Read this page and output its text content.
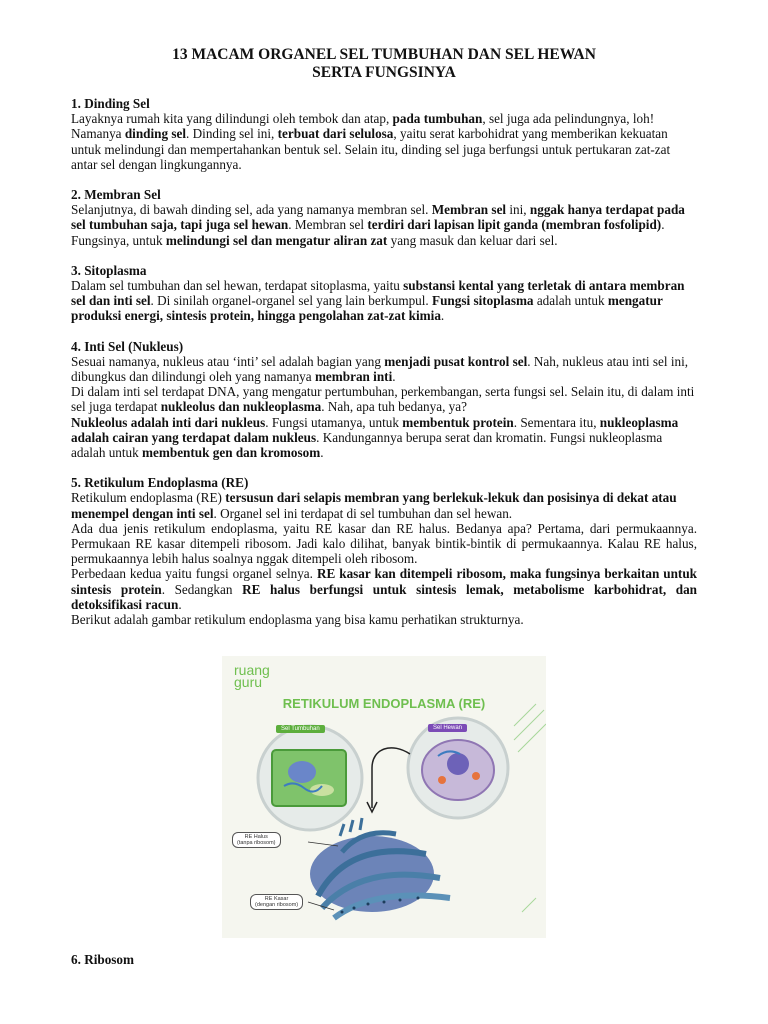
13 MACAM ORGANEL SEL TUMBUHAN DAN SEL HEWAN
SERTA FUNGSINYA
1. Dinding Sel

Layaknya rumah kita yang dilindungi oleh tembok dan atap, pada tumbuhan, sel juga ada pelindungnya, loh! Namanya dinding sel. Dinding sel ini, terbuat dari selulosa, yaitu serat karbohidrat yang memberikan kekuatan untuk melindungi dan mempertahankan bentuk sel. Selain itu, dinding sel juga berfungsi untuk pertukaran zat-zat antar sel dengan lingkungannya.

2. Membran Sel

Selanjutnya, di bawah dinding sel, ada yang namanya membran sel. Membran sel ini, nggak hanya terdapat pada sel tumbuhan saja, tapi juga sel hewan. Membran sel terdiri dari lapisan lipit ganda (membran fosfolipid). Fungsinya, untuk melindungi sel dan mengatur aliran zat yang masuk dan keluar dari sel.

3. Sitoplasma

Dalam sel tumbuhan dan sel hewan, terdapat sitoplasma, yaitu substansi kental yang terletak di antara membran sel dan inti sel. Di sinilah organel-organel sel yang lain berkumpul. Fungsi sitoplasma adalah untuk mengatur produksi energi, sintesis protein, hingga pengolahan zat-zat kimia.

4. Inti Sel (Nukleus)

Sesuai namanya, nukleus atau ‘inti’ sel adalah bagian yang menjadi pusat kontrol sel. Nah, nukleus atau inti sel ini, dibungkus dan dilindungi oleh yang namanya membran inti.

Di dalam inti sel terdapat DNA, yang mengatur pertumbuhan, perkembangan, serta fungsi sel. Selain itu, di dalam inti sel juga terdapat nukleolus dan nukleoplasma. Nah, apa tuh bedanya, ya?

Nukleolus adalah inti dari nukleus. Fungsi utamanya, untuk membentuk protein. Sementara itu, nukleoplasma adalah cairan yang terdapat dalam nukleus. Kandungannya berupa serat dan kromatin. Fungsi nukleoplasma adalah untuk membentuk gen dan kromosom.

5. Retikulum Endoplasma (RE)

Retikulum endoplasma (RE) tersusun dari selapis membran yang berlekuk-lekuk dan posisinya di dekat atau menempel dengan inti sel. Organel sel ini terdapat di sel tumbuhan dan sel hewan.

Ada dua jenis retikulum endoplasma, yaitu RE kasar dan RE halus. Bedanya apa? Pertama, dari permukaannya. Permukaan RE kasar ditempeli ribosom. Jadi kalo dilihat, banyak bintik-bintik di permukaannya. Kalau RE halus, permukaannya lebih halus soalnya nggak ditempeli oleh ribosom.

Perbedaan kedua yaitu fungsi organel selnya. RE kasar kan ditempeli ribosom, maka fungsinya berkaitan untuk sintesis protein. Sedangkan RE halus berfungsi untuk sintesis lemak, metabolisme karbohidrat, dan detoksifikasi racun.

Berikut adalah gambar retikulum endoplasma yang bisa kamu perhatikan strukturnya.

ruang
guru
RETIKULUM ENDOPLASMA (RE)
Sel Tumbuhan	Sel Hewan
RE Halus
(tanpa ribosom)
RE Kasar
(dengan ribosom)
6. Ribosom
